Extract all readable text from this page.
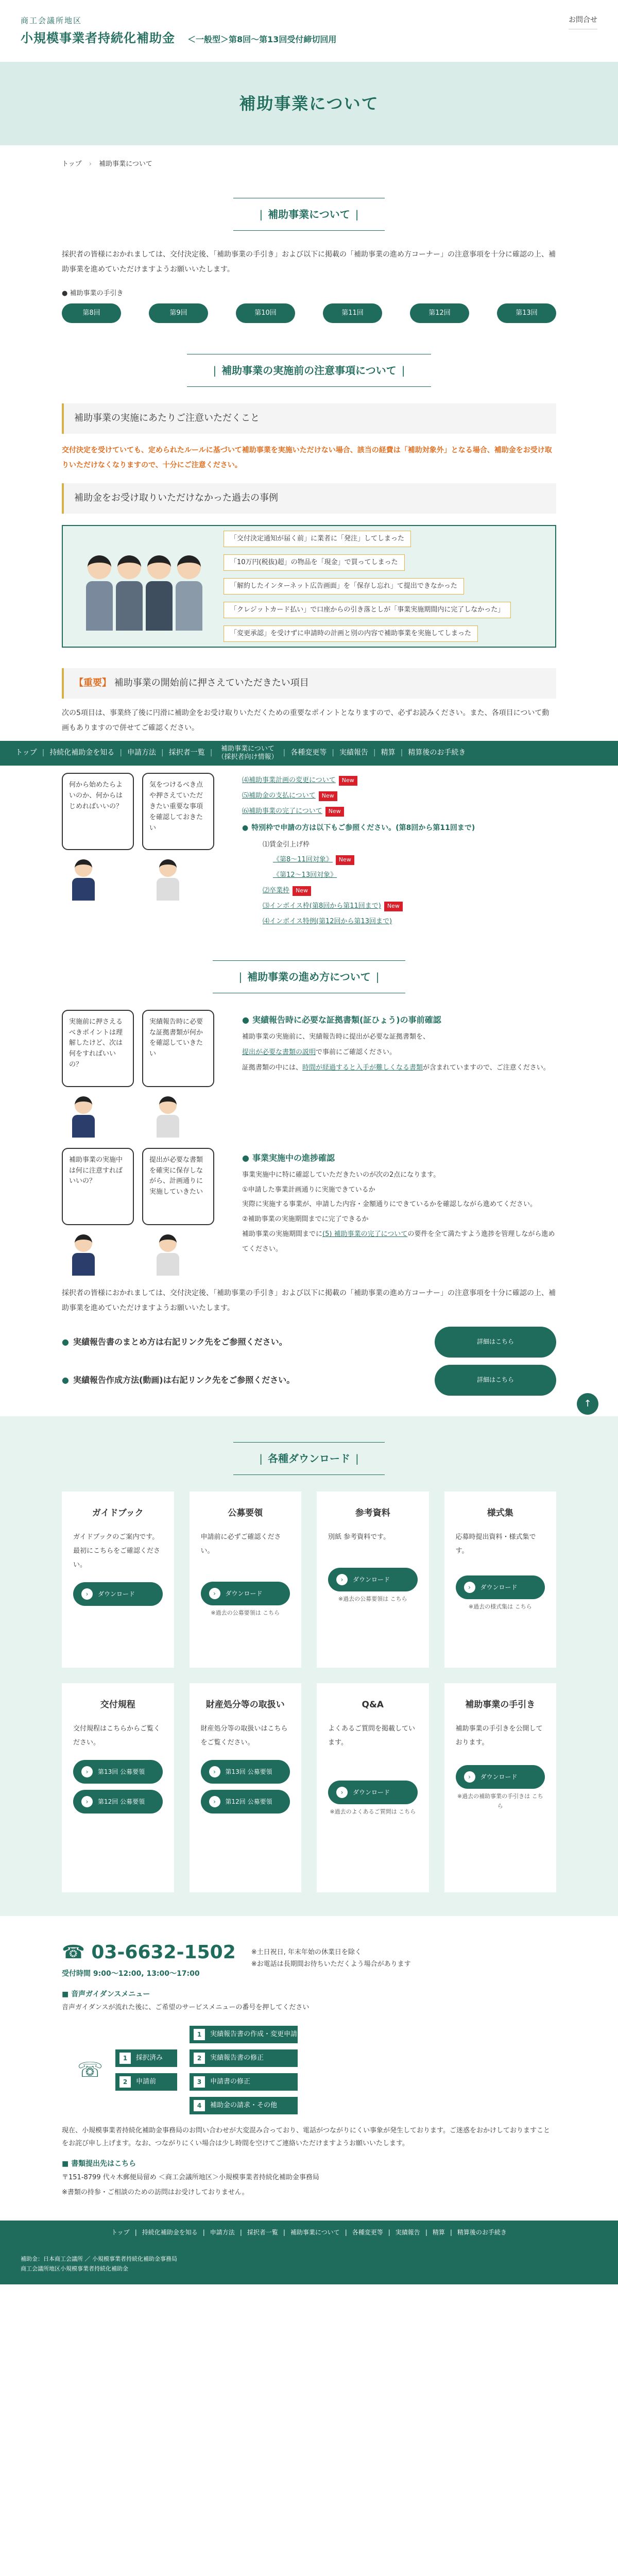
商工会議所地区
小規模事業者持続化補助金 ＜一般型＞第8回〜第13回受付締切回用
お問合せ
補助事業について
トップ › 補助事業について
| 補助事業について |

採択者の皆様におかれましては、交付決定後、「補助事業の手引き」および以下に掲載の「補助事業の進め方コーナー」の注意事項を十分に確認の上、補助事業を進めていただけますようお願いいたします。

● 補助事業の手引き
第8回	第9回	第10回	第11回	第12回	第13回
| 補助事業の実施前の注意事項について |
補助事業の実施にあたりご注意いただくこと

交付決定を受けていても、定められたルールに基づいて補助事業を実施いただけない場合、該当の経費は「補助対象外」となる場合、補助金をお受け取りいただけなくなりますので、十分にご注意ください。

補助金をお受け取りいただけなかった過去の事例
「交付決定通知が届く前」に業者に「発注」してしまった
「10万円(税抜)超」の物品を「現金」で買ってしまった
「解約したインターネット広告画面」を「保存し忘れ」て提出できなかった
「クレジットカード払い」で口座からの引き落としが「事業実施期間内に完了しなかった」
「変更承認」を受けずに申請時の計画と別の内容で補助事業を実施してしまった
【重要】 補助事業の開始前に押さえていただきたい項目

次の5項目は、事業終了後に円滑に補助金をお受け取りいただくための重要なポイントとなりますので、必ずお読みください。また、各項目について動画もありますので併せてご確認ください。

トップ | 持続化補助金を知る | 申請方法 | 採択者一覧 |	補助事業について
（採択者向け情報）
| 各種変更等 | 実績報告 | 精算 | 精算後のお手続き
何から始めたらよいのか、何からはじめればいいの？
気をつけるべき点や押さえていただきたい重要な事項を確認しておきたい
⑷補助事業計画の変更について New
⑸補助金の支払について New
⑹補助事業の完了について New
● 特別枠で申請の方は以下もご参照ください。(第8回から第11回まで)
⑴賃金引上げ枠
《第8〜11回対象》 New
《第12〜13回対象》
⑵卒業枠 New
⑶インボイス枠(第8回から第11回まで) New
⑷インボイス特例(第12回から第13回まで)
| 補助事業の進め方について |
実施前に押さえるべきポイントは理解したけど、次は何をすればいいの？
実績報告時に必要な証拠書類が何かを確認していきたい
● 実績報告時に必要な証拠書類(証ひょう)の事前確認
補助事業の実施前に、実績報告時に提出が必要な証拠書類を、
提出が必要な書類の説明で事前にご確認ください。
証拠書類の中には、時間が経過すると入手が難しくなる書類が含まれていますので、ご注意ください。
補助事業の実施中は何に注意すればいいの？
提出が必要な書類を確実に保存しながら、計画通りに実施していきたい
● 事業実施中の進捗確認
事業実施中に特に確認していただきたいのが次の2点になります。
①申請した事業計画通りに実施できているか
実際に実施する事業が、申請した内容・金額通りにできているかを確認しながら進めてください。
②補助事業の実施期間までに完了できるか
補助事業の実施期間までに(5) 補助事業の完了についての要件を全て満たすよう進捗を管理しながら進めてください。

採択者の皆様におかれましては、交付決定後、「補助事業の手引き」および以下に掲載の「補助事業の進め方コーナー」の注意事項を十分に確認の上、補助事業を進めていただけますようお願いいたします。

● 実績報告書のまとめ方は右記リンク先をご参照ください。	詳細はこちら
● 実績報告作成方法(動画)は右記リンク先をご参照ください。	詳細はこちら
| 各種ダウンロード |
ガイドブック
ガイドブックのご案内です。最初にこちらをご確認ください。
›	ダウンロード
公募要領
申請前に必ずご確認ください。
›	ダウンロード
※過去の公募要領は こちら
参考資料
別紙 参考資料です。
›	ダウンロード
※過去の公募要領は こちら
様式集
応募時提出資料・様式集です。
›	ダウンロード
※過去の様式集は こちら
交付規程
交付規程はこちらからご覧ください。
›	第13回 公募要領
›	第12回 公募要領
財産処分等の取扱い
財産処分等の取扱いはこちらをご覧ください。
›	第13回 公募要領
›	第12回 公募要領
Q&A
よくあるご質問を掲載しています。
›	ダウンロード
※過去のよくあるご質問は こちら
補助事業の手引き
補助事業の手引きを公開しております。
›	ダウンロード
※過去の補助事業の手引きは こちら
☎ 03-6632-1502
受付時間 9:00〜12:00, 13:00〜17:00
※土日祝日, 年末年始の休業日を除く
※お電話は長期間お待ちいただくよう場合があります
■ 音声ガイダンスメニュー
音声ガイダンスが流れた後に、ご希望のサービスメニューの番号を押してください
☏
1	採択済み
2	申請前
1	実績報告書の作成・変更申請
2	実績報告書の修正
3	申請書の修正
4	補助金の請求・その他

現在、小規模事業者持続化補助金事務局のお問い合わせが大変混み合っており、電話がつながりにくい事象が発生しております。ご迷惑をおかけしておりますことをお詫び申し上げます。なお、つながりにくい場合は少し時間を空けてご連絡いただけますようお願いいたします。

■ 書類提出先はこちら
〒151-8799 代々木郵便局留め ＜商工会議所地区＞小規模事業者持続化補助金事務局
※書類の持参・ご相談のための訪問はお受けしておりません。
トップ | 持続化補助金を知る | 申請方法 | 採択者一覧 | 補助事業について | 各種変更等 | 実績報告 | 精算 | 精算後のお手続き
補助金：日本商工会議所 ／ 小規模事業者持続化補助金事務局
商工会議所地区小規模事業者持続化補助金
↑
